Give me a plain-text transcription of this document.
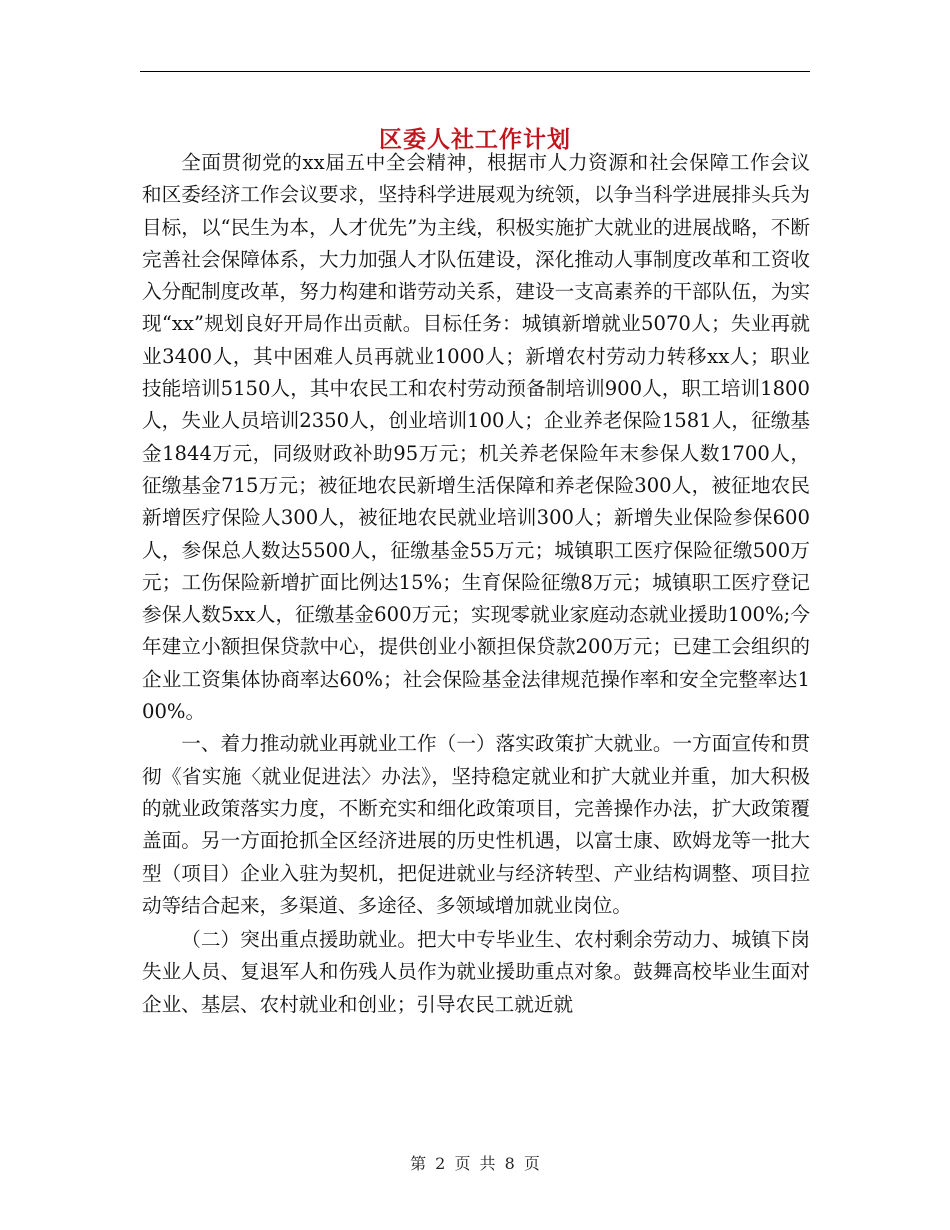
区委人社工作计划

全面贯彻党的xx届五中全会精神，根据市人力资源和社会保障工作会议和区委经济工作会议要求，坚持科学进展观为统领，以争当科学进展排头兵为目标，以“民生为本，人才优先”为主线，积极实施扩大就业的进展战略，不断完善社会保障体系，大力加强人才队伍建设，深化推动人事制度改革和工资收入分配制度改革，努力构建和谐劳动关系，建设一支高素养的干部队伍，为实现“xx”规划良好开局作出贡献。目标任务：城镇新增就业5070人；失业再就业3400人，其中困难人员再就业1000人；新增农村劳动力转移xx人；职业技能培训5150人，其中农民工和农村劳动预备制培训900人，职工培训1800人，失业人员培训2350人，创业培训100人；企业养老保险1581人，征缴基金1844万元，同级财政补助95万元；机关养老保险年末参保人数1700人，征缴基金715万元；被征地农民新增生活保障和养老保险300人，被征地农民新增医疗保险人300人，被征地农民就业培训300人；新增失业保险参保600人，参保总人数达5500人，征缴基金55万元；城镇职工医疗保险征缴500万元；工伤保险新增扩面比例达15%；生育保险征缴8万元；城镇职工医疗登记参保人数5xx人，征缴基金600万元；实现零就业家庭动态就业援助100%;今年建立小额担保贷款中心，提供创业小额担保贷款200万元；已建工会组织的企业工资集体协商率达60%；社会保险基金法律规范操作率和安全完整率达100%。

一、着力推动就业再就业工作（一）落实政策扩大就业。一方面宣传和贯彻《省实施〈就业促进法〉办法》，坚持稳定就业和扩大就业并重，加大积极的就业政策落实力度，不断充实和细化政策项目，完善操作办法，扩大政策覆盖面。另一方面抢抓全区经济进展的历史性机遇，以富士康、欧姆龙等一批大型（项目）企业入驻为契机，把促进就业与经济转型、产业结构调整、项目拉动等结合起来，多渠道、多途径、多领域增加就业岗位。

（二）突出重点援助就业。把大中专毕业生、农村剩余劳动力、城镇下岗失业人员、复退军人和伤残人员作为就业援助重点对象。鼓舞高校毕业生面对企业、基层、农村就业和创业；引导农民工就近就

第 2 页 共 8 页
